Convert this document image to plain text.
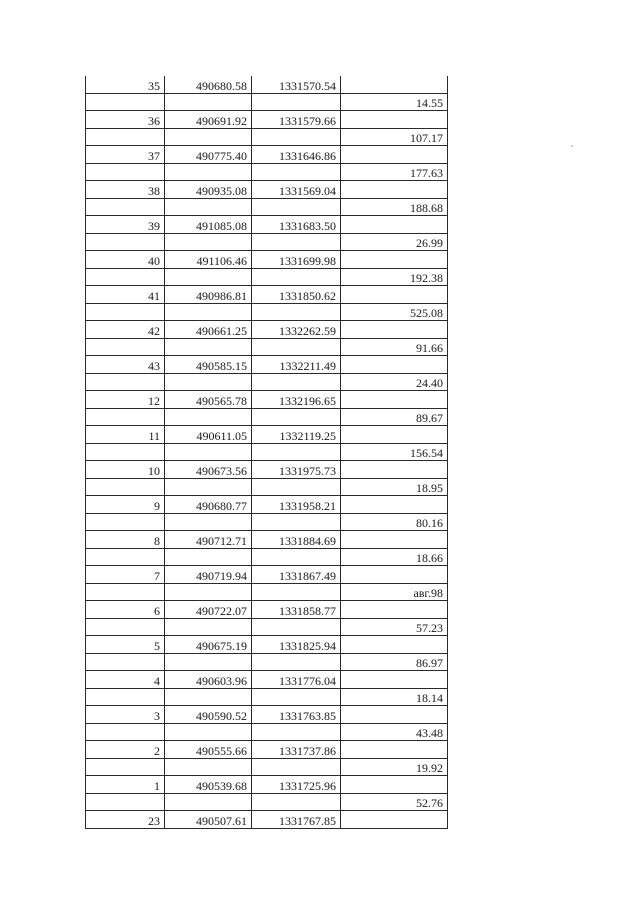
35	490680.58	1331570.54	
			14.55
36	490691.92	1331579.66	
			107.17
37	490775.40	1331646.86	
			177.63
38	490935.08	1331569.04	
			188.68
39	491085.08	1331683.50	
			26.99
40	491106.46	1331699.98	
			192.38
41	490986.81	1331850.62	
			525.08
42	490661.25	1332262.59	
			91.66
43	490585.15	1332211.49	
			24.40
12	490565.78	1332196.65	
			89.67
11	490611.05	1332119.25	
			156.54
10	490673.56	1331975.73	
			18.95
9	490680.77	1331958.21	
			80.16
8	490712.71	1331884.69	
			18.66
7	490719.94	1331867.49	
			авг.98
6	490722.07	1331858.77	
			57.23
5	490675.19	1331825.94	
			86.97
4	490603.96	1331776.04	
			18.14
3	490590.52	1331763.85	
			43.48
2	490555.66	1331737.86	
			19.92
1	490539.68	1331725.96	
			52.76
23	490507.61	1331767.85	
